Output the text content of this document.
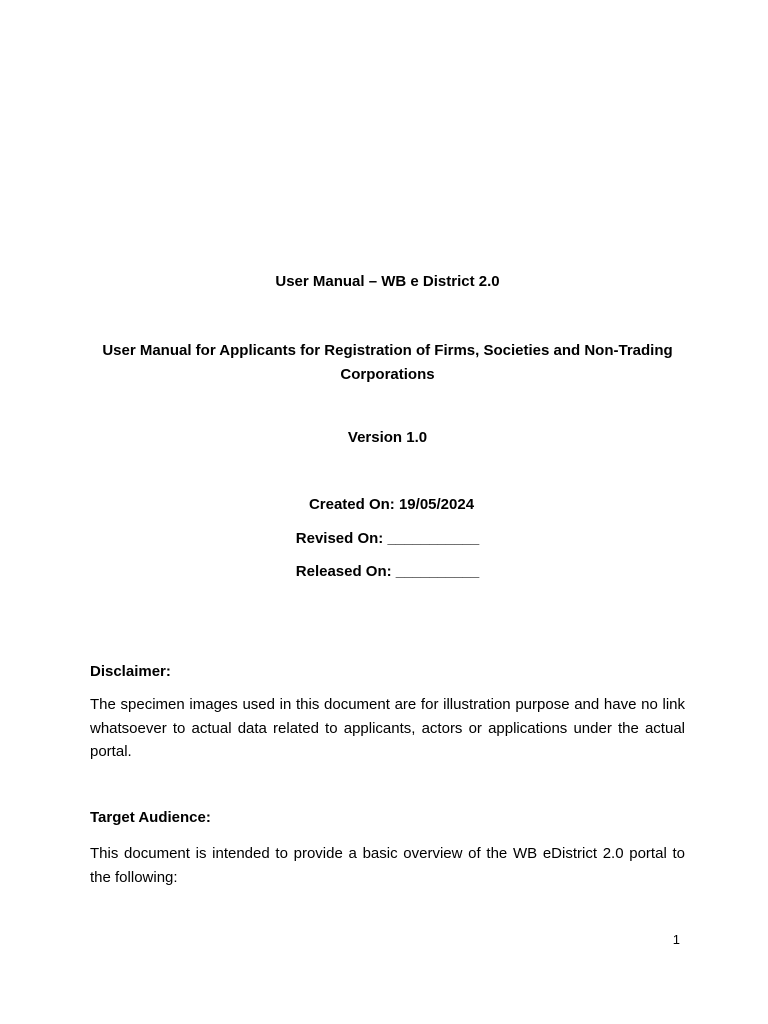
User Manual – WB e District 2.0
User Manual for Applicants for Registration of Firms, Societies and Non-Trading Corporations
Version 1.0
Created On: 19/05/2024
Revised On: ___________
Released On: __________
Disclaimer:
The specimen images used in this document are for illustration purpose and have no link whatsoever to actual data related to applicants, actors or applications under the actual portal.
Target Audience:
This document is intended to provide a basic overview of the WB eDistrict 2.0 portal to the following:
1
